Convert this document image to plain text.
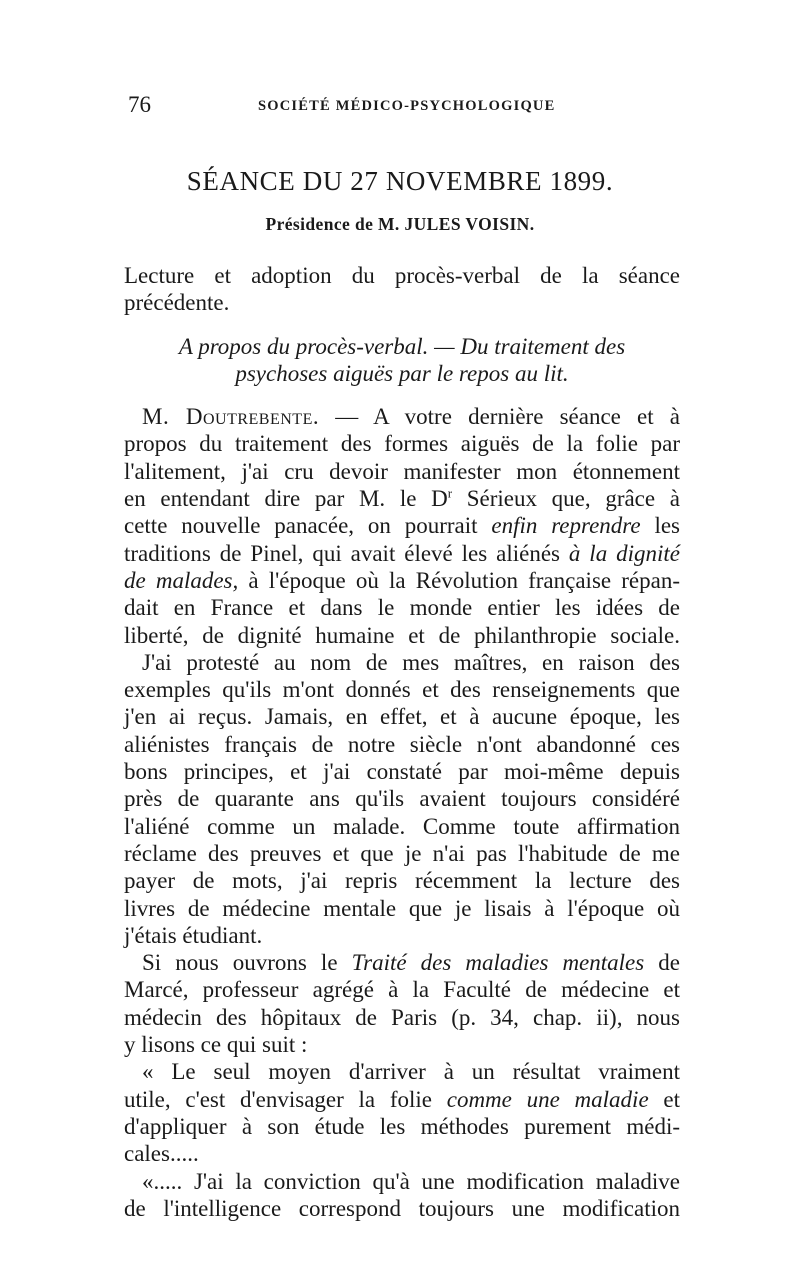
76	SOCIÉTÉ MÉDICO-PSYCHOLOGIQUE
SÉANCE DU 27 NOVEMBRE 1899.
Présidence de M. JULES VOISIN.
Lecture et adoption du procès-verbal de la séance
précédente.
A propos du procès-verbal. — Du traitement des
psychoses aiguës par le repos au lit.
M. Doutrebente. — A votre dernière séance et à
propos du traitement des formes aiguës de la folie par
l'alitement, j'ai cru devoir manifester mon étonnement
en entendant dire par M. le $D^r$ Sérieux que, grâce à
cette nouvelle panacée, on pourrait enfin reprendre les
traditions de Pinel, qui avait élevé les aliénés à la dignité
de malades, à l'époque où la Révolution française répan-
dait en France et dans le monde entier les idées de
liberté, de dignité humaine et de philanthropie sociale.
J'ai protesté au nom de mes maîtres, en raison des
exemples qu'ils m'ont donnés et des renseignements que
j'en ai reçus. Jamais, en effet, et à aucune époque, les
aliénistes français de notre siècle n'ont abandonné ces
bons principes, et j'ai constaté par moi-même depuis
près de quarante ans qu'ils avaient toujours considéré
l'aliéné comme un malade. Comme toute affirmation
réclame des preuves et que je n'ai pas l'habitude de me
payer de mots, j'ai repris récemment la lecture des
livres de médecine mentale que je lisais à l'époque où
j'étais étudiant.
Si nous ouvrons le Traité des maladies mentales de
Marcé, professeur agrégé à la Faculté de médecine et
médecin des hôpitaux de Paris (p. 34, chap. ii), nous
y lisons ce qui suit :
« Le seul moyen d'arriver à un résultat vraiment
utile, c'est d'envisager la folie comme une maladie et
d'appliquer à son étude les méthodes purement médi-
cales.....
«..... J'ai la conviction qu'à une modification maladive
de l'intelligence correspond toujours une modification
